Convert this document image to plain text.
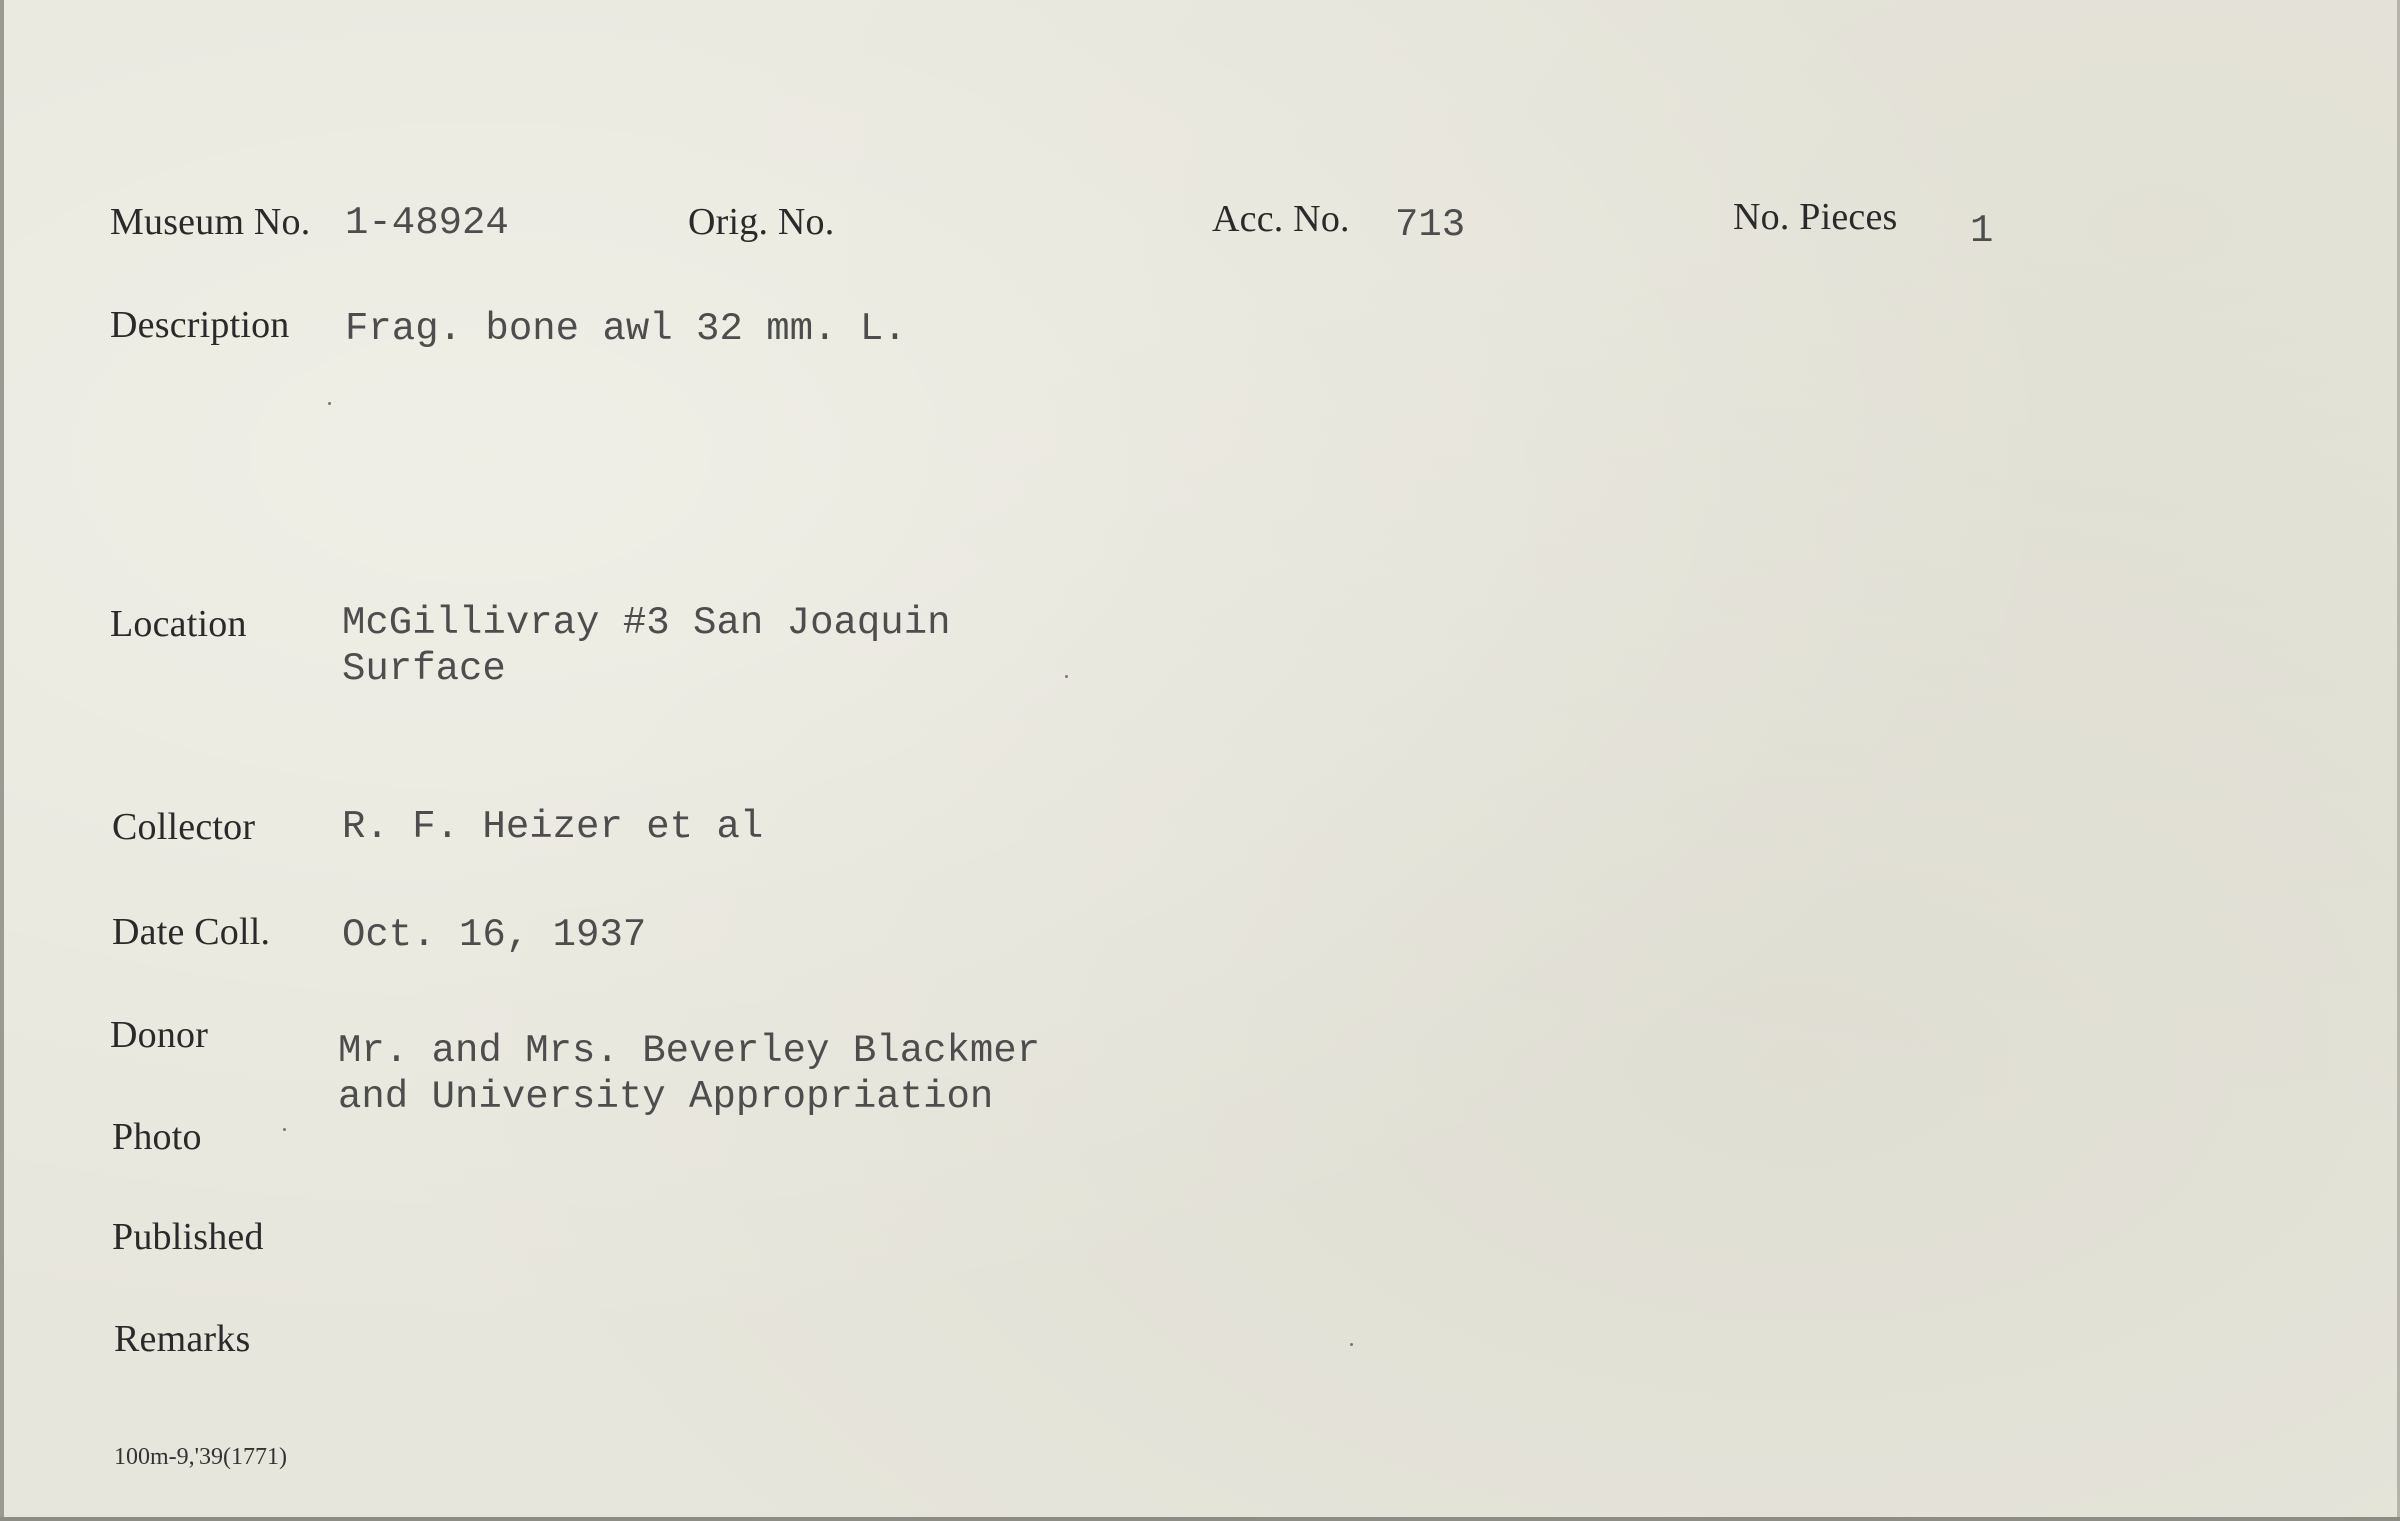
Museum No. 1-48924	Orig. No.	Acc. No. 713	No. Pieces 1
Description Frag. bone awl 32 mm. L.
Location McGillivray #3 San Joaquin
Surface
Collector R. F. Heizer et al
Date Coll. Oct. 16, 1937
Donor	Mr. and Mrs. Beverley Blackmer
and University Appropriation
Photo
Published
Remarks
100m-9,'39(1771)
